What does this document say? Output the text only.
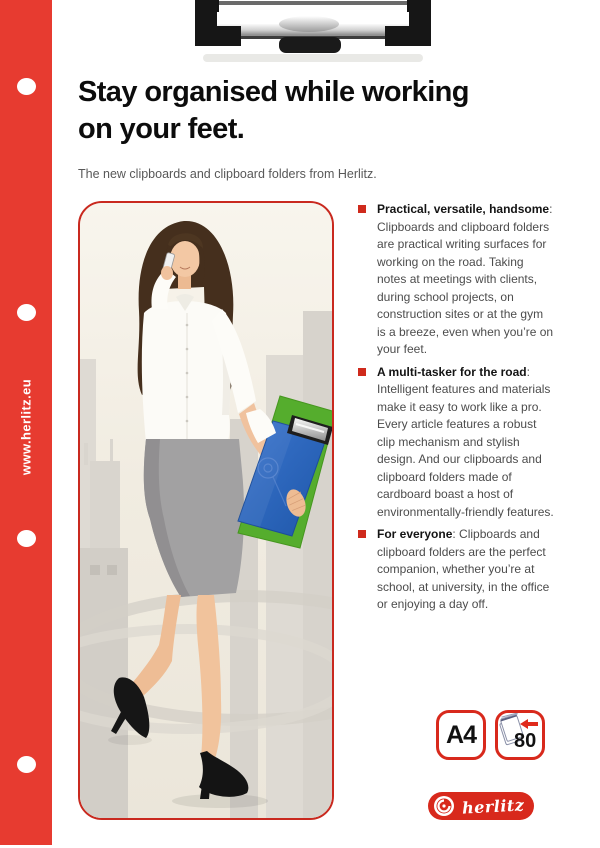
www.herlitz.eu
Stay organised while working
on your feet.
The new clipboards and clipboard folders from Herlitz.
Practical, versatile, handsome: Clipboards and clipboard folders are practical writing surfaces for working on the road. Taking notes at meetings with clients, during school projects, on construction sites or at the gym is a breeze, even when you’re on your feet.
A multi-tasker for the road: Intelligent features and materials make it easy to work like a pro. Every article features a robust clip mechanism and stylish design. And our clipboards and clipboard folders made of cardboard boast a host of environmentally-friendly features.
For everyone: Clipboards and clipboard folders are the perfect companion, whether you’re at school, at university, in the office or enjoying a day off.
A4 80
herlitz
